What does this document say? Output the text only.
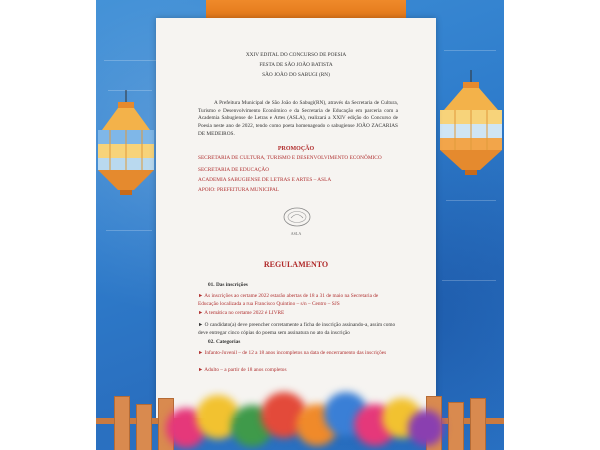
XXIV EDITAL DO CONCURSO DE POESIA

FESTA DE SÃO JOÃO BATISTA

SÃO JOÃO DO SABUGI (RN)

A Prefeitura Municipal de São João do Sabugi(RN), através da Secretaria de Cultura, Turismo e Desenvolvimento Econômico e da Secretaria de Educação em parceria com a Academia Sabugiense de Letras e Artes (ASLA), realizará a XXIV edição do Concurso de Poesia neste ano de 2022, tendo como poeta homenageado o sabugiense JOÃO ZACARIAS DE MEDEIROS.

PROMOÇÃO

SECRETARIA DE CULTURA, TURISMO E DESENVOLVIMENTO ECONÔMICO

SECRETARIA DE EDUCAÇÃO

ACADEMIA SABUGIENSE DE LETRAS E ARTES – ASLA

APOIO: PREFEITURA MUNICIPAL

ASLA

REGULAMENTO

01. Das inscrições

► As inscrições ao certame 2022 estarão abertas de 18 a 31 de maio na Secretaria de Educação localizada a rua Francisco Quintino – s/n – Centro – SJS

► A temática no certame 2022 é LIVRE

► O candidato(a) deve preencher corretamente a ficha de inscrição assinando-a, assim como deve entregar cinco cópias do poema sem assinatura no ato da inscrição

02. Categorias

► Infanto-Juvenil – de 12 a 18 anos incompletos na data de encerramento das inscrições

► Adulto – a partir de 18 anos completos
